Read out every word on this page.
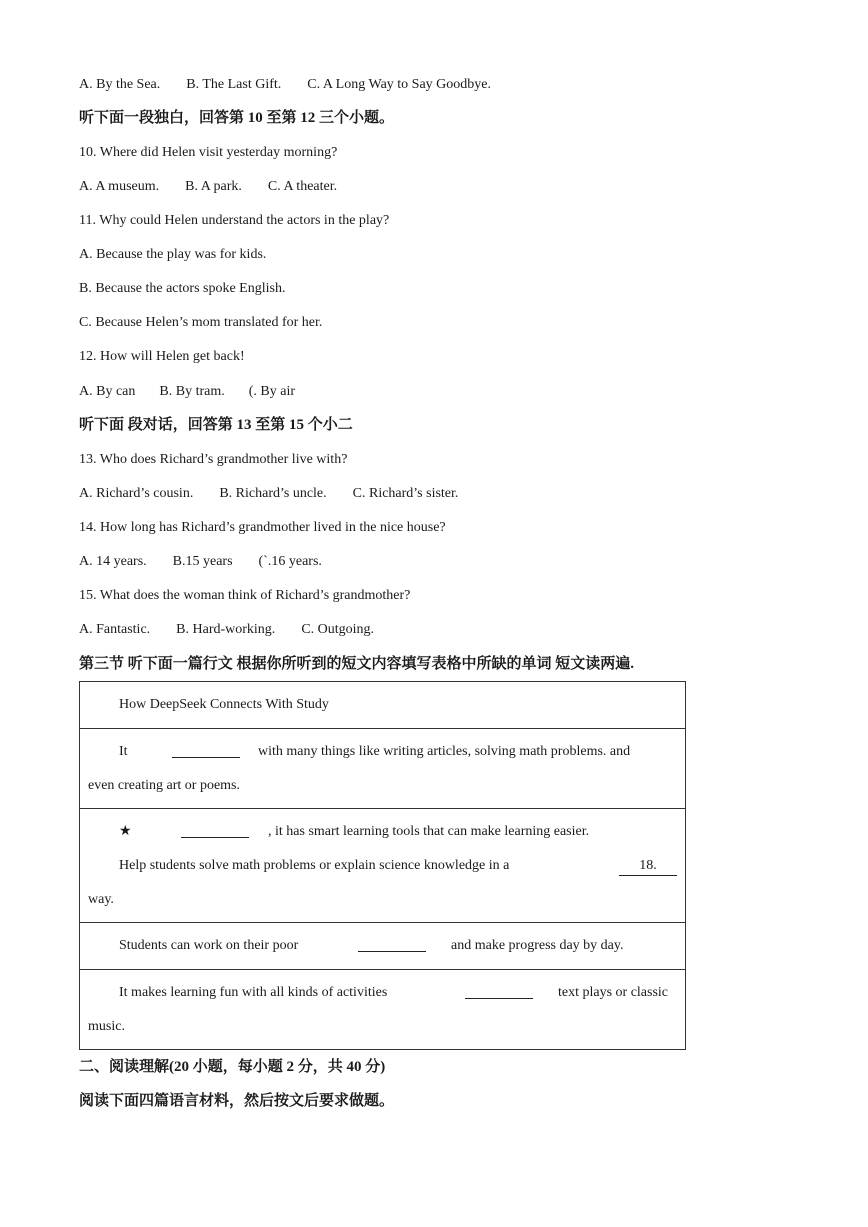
A. By the Sea. B. The Last Gift. C. A Long Way to Say Goodbye.
听下面一段独白，回答第 10 至第 12 三个小题。
10. Where did Helen visit yesterday morning?
A. A museum. B. A park. C. A theater.
11. Why could Helen understand the actors in the play?
A. Because the play was for kids.
B. Because the actors spoke English.
C. Because Helen’s mom translated for her.
12. How will Helen get back!
A. By can B. By tram. (. By air
听下面 段对话，回答第 13 至第 15 个小二
13. Who does Richard’s grandmother live with?
A. Richard’s cousin. B. Richard’s uncle. C. Richard’s sister.
14. How long has Richard’s grandmother lived in the nice house?
A. 14 years. B.15 years (`.16 years.
15. What does the woman think of Richard’s grandmother?
A. Fantastic. B. Hard-working. C. Outgoing.
第三节 听下面一篇行文 根据你所听到的短文内容填写表格中所缺的单词 短文读两遍.
How DeepSeek Connects With Study
It	with many things like writing articles, solving math problems. and
even creating art or poems.
★	, it has smart learning tools that can make learning easier.
Help students solve math problems or explain science knowledge in a	18.
way.
Students can work on their poor	and make progress day by day.
It makes learning fun with all kinds of activities	text plays or classic
music.
二、阅读理解(20 小题，每小题 2 分，共 40 分)
阅读下面四篇语言材料，然后按文后要求做题。
